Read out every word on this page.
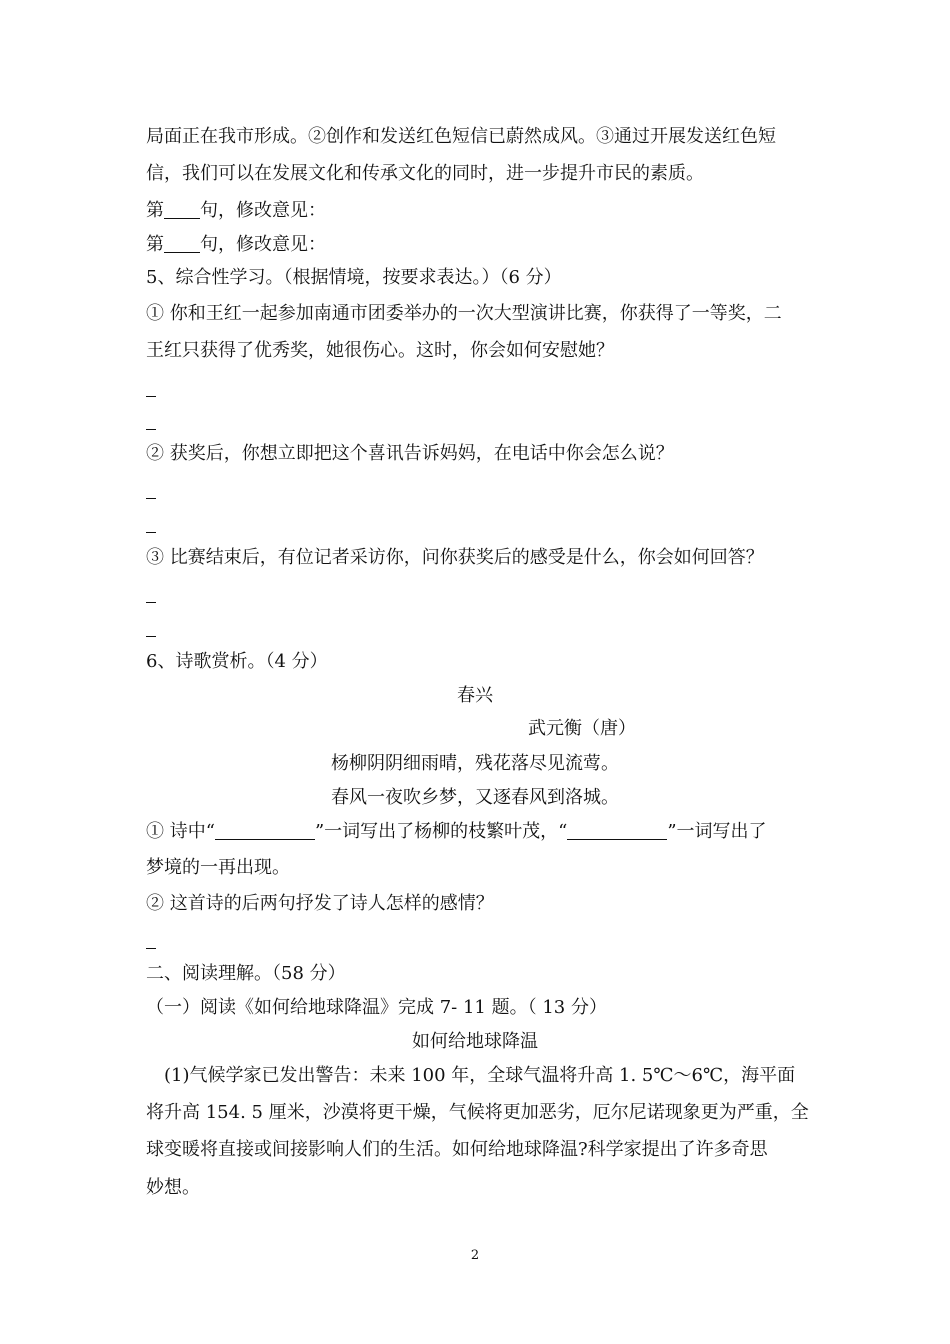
局面正在我市形成。②创作和发送红色短信已蔚然成风。③通过开展发送红色短
信，我们可以在发展文化和传承文化的同时，进一步提升市民的素质。
第 句，修改意见：
第 句，修改意见：
5、综合性学习。（根据情境，按要求表达。）（6 分）
① 你和王红一起参加南通市团委举办的一次大型演讲比赛，你获得了一等奖，二
王红只获得了优秀奖，她很伤心。这时，你会如何安慰她？
② 获奖后，你想立即把这个喜讯告诉妈妈，在电话中你会怎么说？
③ 比赛结束后，有位记者采访你，问你获奖后的感受是什么，你会如何回答？
6、诗歌赏析。（4 分）
春兴
武元衡（唐）
杨柳阴阴细雨晴，残花落尽见流莺。
春风一夜吹乡梦，又逐春风到洛城。
① 诗中“	”一词写出了杨柳的枝繁叶茂，“	”一词写出了
梦境的一再出现。
② 这首诗的后两句抒发了诗人怎样的感情？
二、阅读理解。（58 分）
（一）阅读《如何给地球降温》完成 7- 11 题。（ 13 分）
如何给地球降温
　(1)气候学家已发出警告：未来 100 年，全球气温将升高 1. 5℃～6℃，海平面
将升高 154. 5 厘米，沙漠将更干燥，气候将更加恶劣，厄尔尼诺现象更为严重，全
球变暖将直接或间接影响人们的生活。如何给地球降温?科学家提出了许多奇思
妙想。
2
